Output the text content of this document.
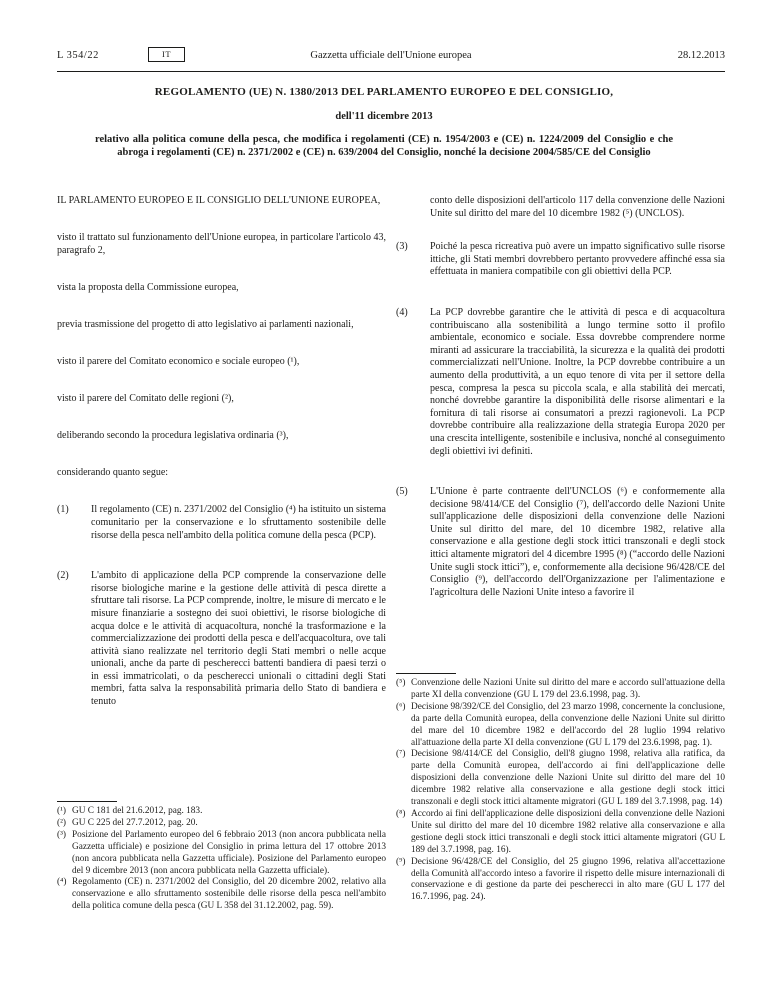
L 354/22	Gazzetta ufficiale dell'Unione europea
IT	28.12.2013

REGOLAMENTO (UE) N. 1380/2013 DEL PARLAMENTO EUROPEO E DEL CONSIGLIO,

dell'11 dicembre 2013

relativo alla politica comune della pesca, che modifica i regolamenti (CE) n. 1954/2003 e (CE) n. 1224/2009 del Consiglio e che abroga i regolamenti (CE) n. 2371/2002 e (CE) n. 639/2004 del Consiglio, nonché la decisione 2004/585/CE del Consiglio

IL PARLAMENTO EUROPEO E IL CONSIGLIO DELL'UNIONE EUROPEA,

visto il trattato sul funzionamento dell'Unione europea, in particolare l'articolo 43, paragrafo 2,

vista la proposta della Commissione europea,

previa trasmissione del progetto di atto legislativo ai parlamenti nazionali,

visto il parere del Comitato economico e sociale europeo (¹),

visto il parere del Comitato delle regioni (²),

deliberando secondo la procedura legislativa ordinaria (³),

considerando quanto segue:

(1)	Il regolamento (CE) n. 2371/2002 del Consiglio (⁴) ha istituito un sistema comunitario per la conservazione e lo sfruttamento sostenibile delle risorse della pesca nell'ambito della politica comune della pesca (PCP).

(2)	L'ambito di applicazione della PCP comprende la conservazione delle risorse biologiche marine e la gestione delle attività di pesca dirette a sfruttare tali risorse. La PCP comprende, inoltre, le misure di mercato e le misure finanziarie a sostegno dei suoi obiettivi, le risorse biologiche di acqua dolce e le attività di acquacoltura, nonché la trasformazione e la commercializzazione dei prodotti della pesca e dell'acquacoltura, ove tali attività siano realizzate nel territorio degli Stati membri o nelle acque unionali, anche da parte di pescherecci battenti bandiera di paesi terzi o in essi immatricolati, o da pescherecci unionali o cittadini degli Stati membri, fatta salva la responsabilità primaria dello Stato di bandiera e tenuto

(¹) GU C 181 del 21.6.2012, pag. 183.

(²) GU C 225 del 27.7.2012, pag. 20.

(³) Posizione del Parlamento europeo del 6 febbraio 2013 (non ancora pubblicata nella Gazzetta ufficiale) e posizione del Consiglio in prima lettura del 17 ottobre 2013 (non ancora pubblicata nella Gazzetta ufficiale). Posizione del Parlamento europeo del 9 dicembre 2013 (non ancora pubblicata nella Gazzetta ufficiale).

(⁴) Regolamento (CE) n. 2371/2002 del Consiglio, del 20 dicembre 2002, relativo alla conservazione e allo sfruttamento sostenibile delle risorse della pesca nell'ambito della politica comune della pesca (GU L 358 del 31.12.2002, pag. 59).

conto delle disposizioni dell'articolo 117 della convenzione delle Nazioni Unite sul diritto del mare del 10 dicembre 1982 (⁵) (UNCLOS).

(3)	Poiché la pesca ricreativa può avere un impatto significativo sulle risorse ittiche, gli Stati membri dovrebbero pertanto provvedere affinché essa sia effettuata in maniera compatibile con gli obiettivi della PCP.

(4)	La PCP dovrebbe garantire che le attività di pesca e di acquacoltura contribuiscano alla sostenibilità a lungo termine sotto il profilo ambientale, economico e sociale. Essa dovrebbe comprendere norme miranti ad assicurare la tracciabilità, la sicurezza e la qualità dei prodotti commercializzati nell'Unione. Inoltre, la PCP dovrebbe contribuire a un aumento della produttività, a un equo tenore di vita per il settore della pesca, compresa la pesca su piccola scala, e alla stabilità dei mercati, nonché dovrebbe garantire la disponibilità delle risorse alimentari e la fornitura di tali risorse ai consumatori a prezzi ragionevoli. La PCP dovrebbe contribuire alla realizzazione della strategia Europa 2020 per una crescita intelligente, sostenibile e inclusiva, nonché al conseguimento degli obiettivi ivi definiti.

(5)	L'Unione è parte contraente dell'UNCLOS (⁶) e conformemente alla decisione 98/414/CE del Consiglio (⁷), dell'accordo delle Nazioni Unite sull'applicazione delle disposizioni della convenzione delle Nazioni Unite sul diritto del mare, del 10 dicembre 1982, relative alla conservazione e alla gestione degli stock ittici transzonali e degli stock ittici altamente migratori del 4 dicembre 1995 (⁸) (“accordo delle Nazioni Unite sugli stock ittici”), e, conformemente alla decisione 96/428/CE del Consiglio (⁹), dell'accordo dell'Organizzazione per l'alimentazione e l'agricoltura delle Nazioni Unite inteso a favorire il

(⁵) Convenzione delle Nazioni Unite sul diritto del mare e accordo sull'attuazione della parte XI della convenzione (GU L 179 del 23.6.1998, pag. 3).

(⁶) Decisione 98/392/CE del Consiglio, del 23 marzo 1998, concernente la conclusione, da parte della Comunità europea, della convenzione delle Nazioni Unite sul diritto del mare del 10 dicembre 1982 e dell'accordo del 28 luglio 1994 relativo all'attuazione della parte XI della convenzione (GU L 179 del 23.6.1998, pag. 1).

(⁷) Decisione 98/414/CE del Consiglio, dell'8 giugno 1998, relativa alla ratifica, da parte della Comunità europea, dell'accordo ai fini dell'applicazione delle disposizioni della convenzione delle Nazioni Unite sul diritto del mare del 10 dicembre 1982 relative alla conservazione e alla gestione degli stock ittici transzonali e degli stock ittici altamente migratori (GU L 189 del 3.7.1998, pag. 14)

(⁸) Accordo ai fini dell'applicazione delle disposizioni della convenzione delle Nazioni Unite sul diritto del mare del 10 dicembre 1982 relative alla conservazione e alla gestione degli stock ittici transzonali e degli stock ittici altamente migratori (GU L 189 del 3.7.1998, pag. 16).

(⁹) Decisione 96/428/CE del Consiglio, del 25 giugno 1996, relativa all'accettazione della Comunità all'accordo inteso a favorire il rispetto delle misure internazionali di conservazione e di gestione da parte dei pescherecci in alto mare (GU L 177 del 16.7.1996, pag. 24).
